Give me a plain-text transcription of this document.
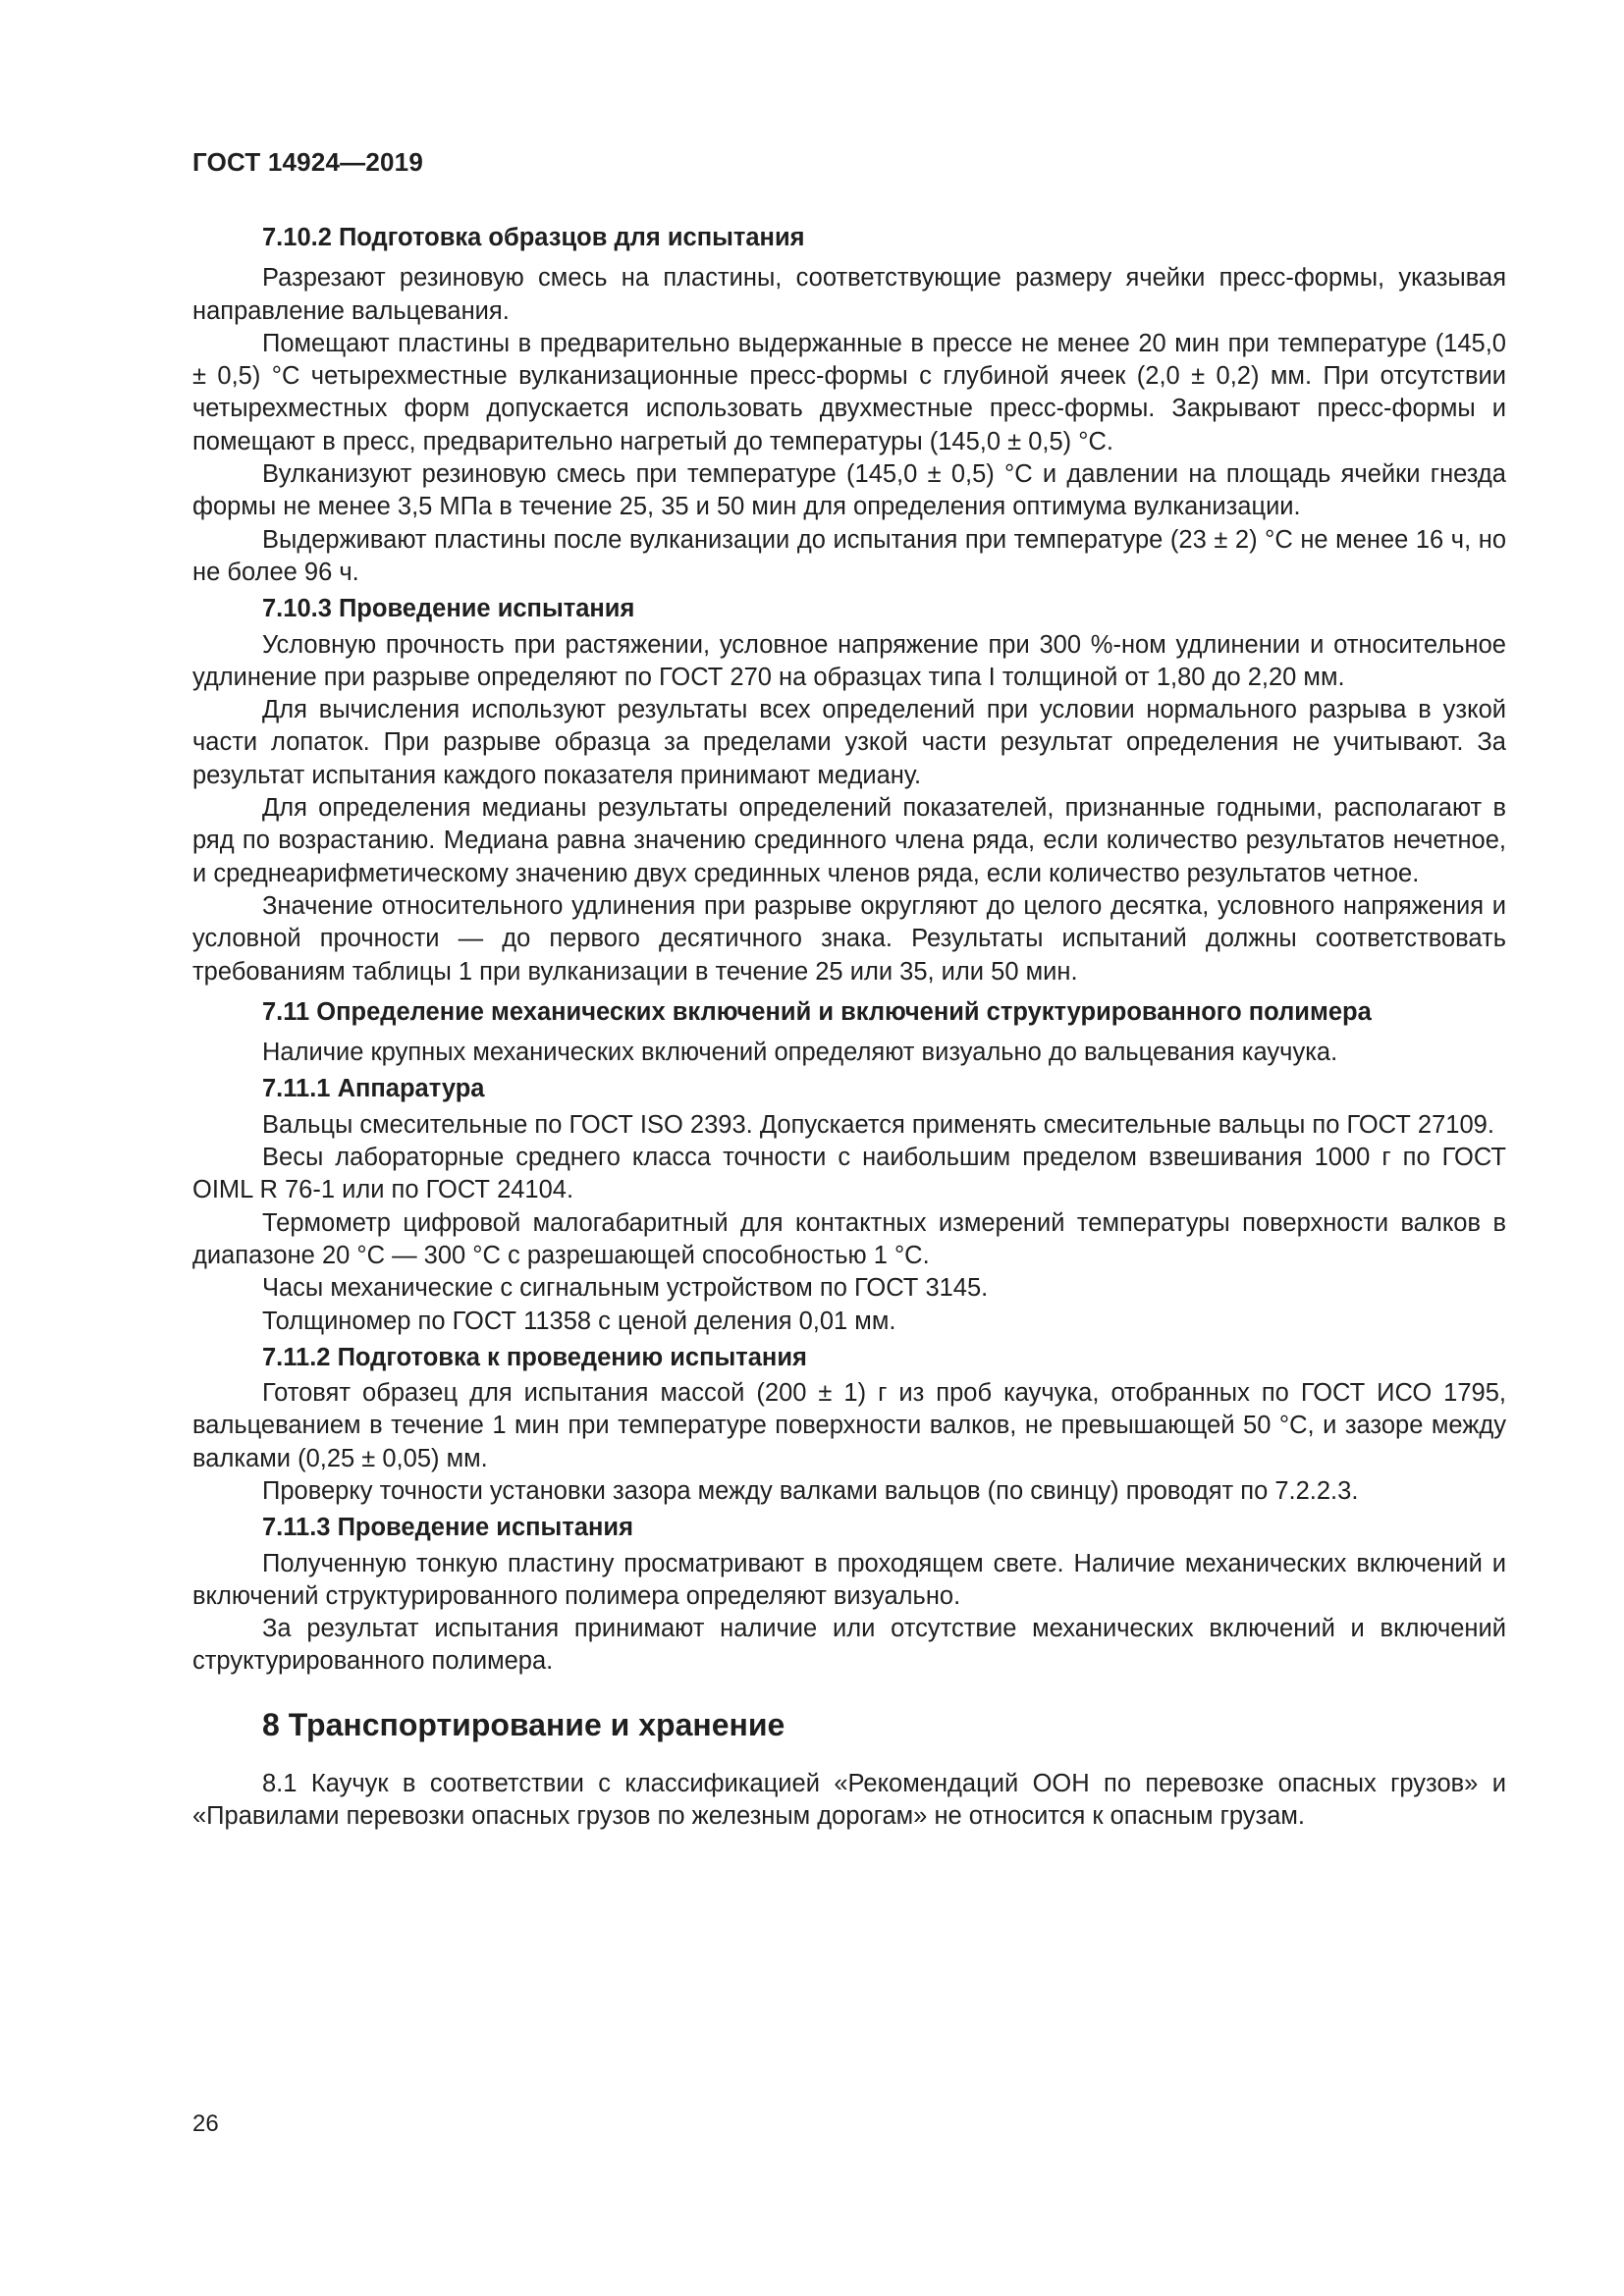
ГОСТ 14924—2019

7.10.2 Подготовка образцов для испытания

Разрезают резиновую смесь на пластины, соответствующие размеру ячейки пресс-формы, указывая направление вальцевания.

Помещают пластины в предварительно выдержанные в прессе не менее 20 мин при температуре (145,0 ± 0,5) °С четырехместные вулканизационные пресс-формы с глубиной ячеек (2,0 ± 0,2) мм. При отсутствии четырехместных форм допускается использовать двухместные пресс-формы. Закрывают пресс-формы и помещают в пресс, предварительно нагретый до температуры (145,0 ± 0,5) °С.

Вулканизуют резиновую смесь при температуре (145,0 ± 0,5) °С и давлении на площадь ячейки гнезда формы не менее 3,5 МПа в течение 25, 35 и 50 мин для определения оптимума вулканизации.

Выдерживают пластины после вулканизации до испытания при температуре (23 ± 2) °С не менее 16 ч, но не более 96 ч.

7.10.3 Проведение испытания

Условную прочность при растяжении, условное напряжение при 300 %-ном удлинении и относительное удлинение при разрыве определяют по ГОСТ 270 на образцах типа I толщиной от 1,80 до 2,20 мм.

Для вычисления используют результаты всех определений при условии нормального разрыва в узкой части лопаток. При разрыве образца за пределами узкой части результат определения не учитывают. За результат испытания каждого показателя принимают медиану.

Для определения медианы результаты определений показателей, признанные годными, располагают в ряд по возрастанию. Медиана равна значению срединного члена ряда, если количество результатов нечетное, и среднеарифметическому значению двух срединных членов ряда, если количество результатов четное.

Значение относительного удлинения при разрыве округляют до целого десятка, условного напряжения и условной прочности — до первого десятичного знака. Результаты испытаний должны соответствовать требованиям таблицы 1 при вулканизации в течение 25 или 35, или 50 мин.

7.11 Определение механических включений и включений структурированного полимера

Наличие крупных механических включений определяют визуально до вальцевания каучука.

7.11.1 Аппаратура

Вальцы смесительные по ГОСТ ISO 2393. Допускается применять смесительные вальцы по ГОСТ 27109.

Весы лабораторные среднего класса точности с наибольшим пределом взвешивания 1000 г по ГОСТ OIML R 76-1 или по ГОСТ 24104.

Термометр цифровой малогабаритный для контактных измерений температуры поверхности валков в диапазоне 20 °С — 300 °С с разрешающей способностью 1 °С.

Часы механические с сигнальным устройством по ГОСТ 3145.

Толщиномер по ГОСТ 11358 с ценой деления 0,01 мм.

7.11.2 Подготовка к проведению испытания

Готовят образец для испытания массой (200 ± 1) г из проб каучука, отобранных по ГОСТ ИСО 1795, вальцеванием в течение 1 мин при температуре поверхности валков, не превышающей 50 °С, и зазоре между валками (0,25 ± 0,05) мм.

Проверку точности установки зазора между валками вальцов (по свинцу) проводят по 7.2.2.3.

7.11.3 Проведение испытания

Полученную тонкую пластину просматривают в проходящем свете. Наличие механических включений и включений структурированного полимера определяют визуально.

За результат испытания принимают наличие или отсутствие механических включений и включений структурированного полимера.

8 Транспортирование и хранение

8.1 Каучук в соответствии с классификацией «Рекомендаций ООН по перевозке опасных грузов» и «Правилами перевозки опасных грузов по железным дорогам» не относится к опасным грузам.

26
